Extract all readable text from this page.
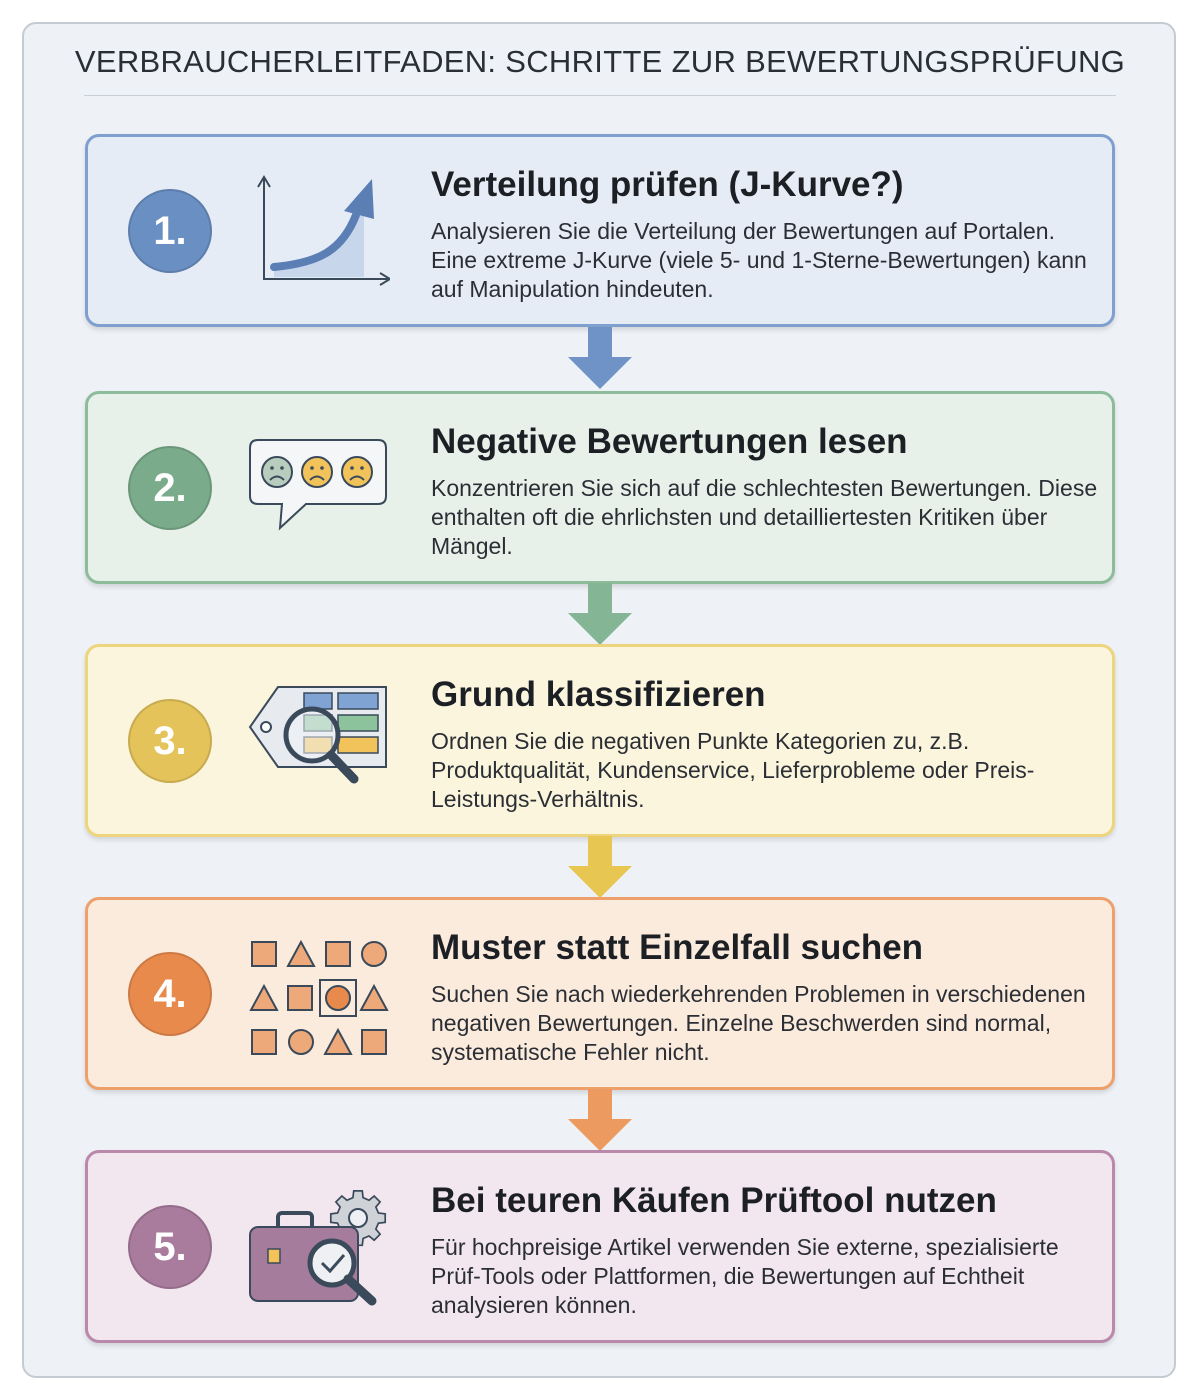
VERBRAUCHERLEITFADEN: SCHRITTE ZUR BEWERTUNGSPRÜFUNG
1.
Verteilung prüfen (J-Kurve?)
Analysieren Sie die Verteilung der Bewertungen auf Portalen. Eine extreme J-Kurve (viele 5- und 1-Sterne-Bewertungen) kann auf Manipulation hindeuten.
2.
Negative Bewertungen lesen
Konzentrieren Sie sich auf die schlechtesten Bewertungen. Diese enthalten oft die ehrlichsten und detailliertesten Kritiken über Mängel.
3.
Grund klassifizieren
Ordnen Sie die negativen Punkte Kategorien zu, z.B. Produktqualität, Kundenservice, Lieferprobleme oder Preis-Leistungs-Verhältnis.
4.
Muster statt Einzelfall suchen
Suchen Sie nach wiederkehrenden Problemen in verschiedenen negativen Bewertungen. Einzelne Beschwerden sind normal, systematische Fehler nicht.
5.
Bei teuren Käufen Prüftool nutzen
Für hochpreisige Artikel verwenden Sie externe, spezialisierte Prüf-Tools oder Plattformen, die Bewertungen auf Echtheit analysieren können.
